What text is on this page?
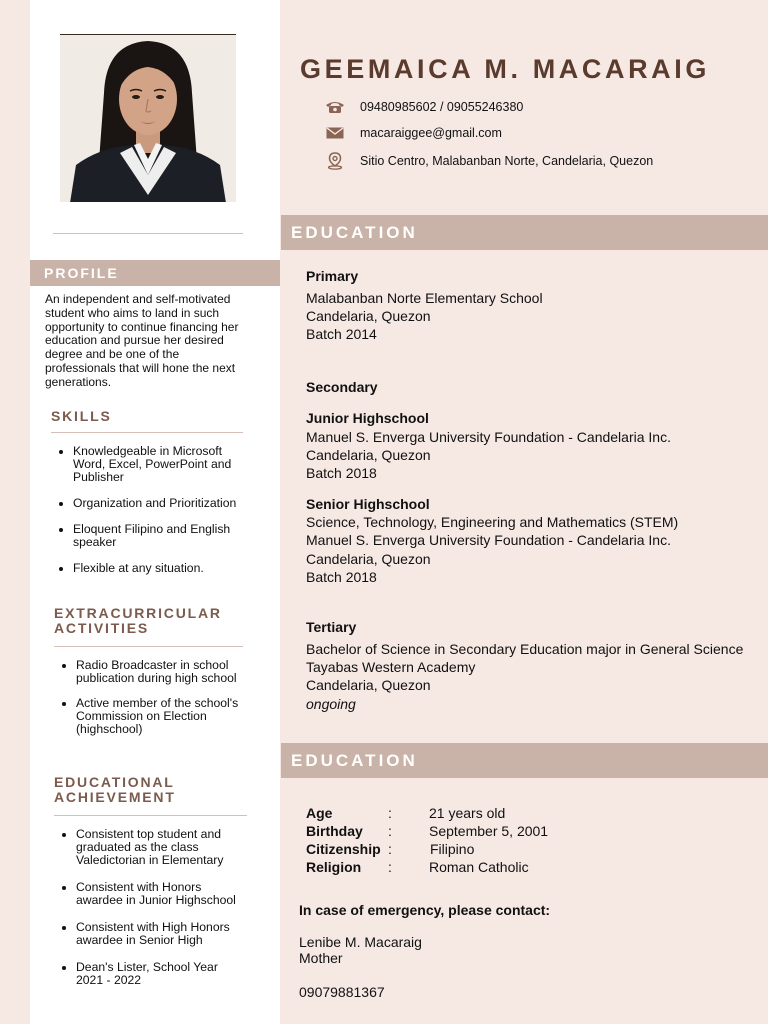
PROFILE
An independent and self-motivated
student who aims to land in such
opportunity to continue financing her
education and pursue her desired
degree and be one of the
professionals that will hone the next
generations.
SKILLS
Knowledgeable in Microsoft
Word, Excel, PowerPoint and
Publisher
Organization and Prioritization
Eloquent Filipino and English
speaker
Flexible at any situation.
EXTRACURRICULAR
ACTIVITIES
Radio Broadcaster in school
publication during high school
Active member of the school's
Commission on Election
(highschool)
EDUCATIONAL
ACHIEVEMENT
Consistent top student and
graduated as the class
Valedictorian in Elementary
Consistent with Honors
awardee in Junior Highschool
Consistent with High Honors
awardee in Senior High
Dean's Lister, School Year
2021 - 2022
GEEMAICA M. MACARAIG
09480985602 / 09055246380
macaraiggee@gmail.com
Sitio Centro, Malabanban Norte, Candelaria, Quezon
EDUCATION
Primary
Malabanban Norte Elementary School
Candelaria, Quezon
Batch 2014
Secondary
Junior Highschool
Manuel S. Enverga University Foundation - Candelaria Inc.
Candelaria, Quezon
Batch 2018
Senior Highschool
Science, Technology, Engineering and Mathematics (STEM)
Manuel S. Enverga University Foundation - Candelaria Inc.
Candelaria, Quezon
Batch 2018
Tertiary
Bachelor of Science in Secondary Education major in General Science
Tayabas Western Academy
Candelaria, Quezon
ongoing
EDUCATION
Age	:	21 years old
Birthday :	September 5, 2001
Citizenship :	Filipino
Religion :	Roman Catholic
In case of emergency, please contact:
Lenibe M. Macaraig
Mother
09079881367
